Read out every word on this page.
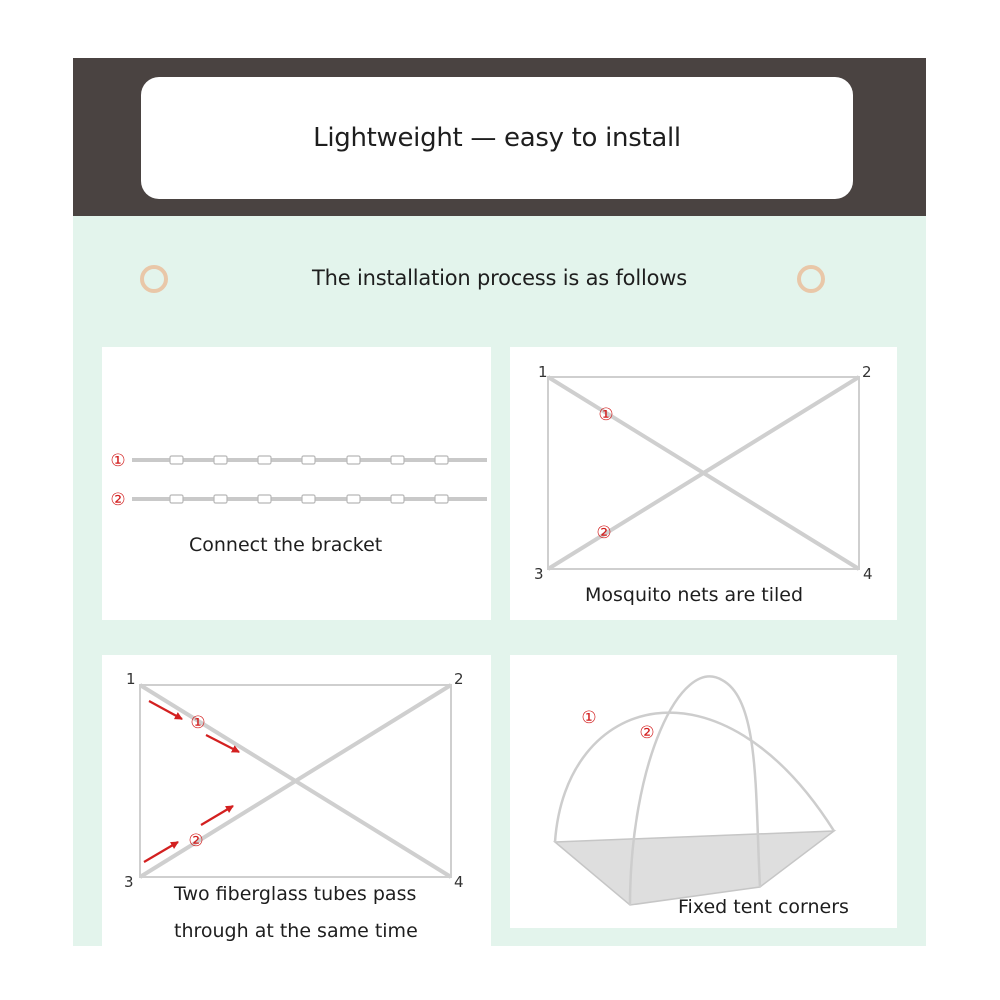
Lightweight — easy to install
The installation process is as follows
①
②
Connect the bracket
1	2
3	4
①
②
Mosquito nets are tiled
1	2
3	4
①
②
Two fiberglass tubes pass
through at the same time
①
②
Fixed tent corners
